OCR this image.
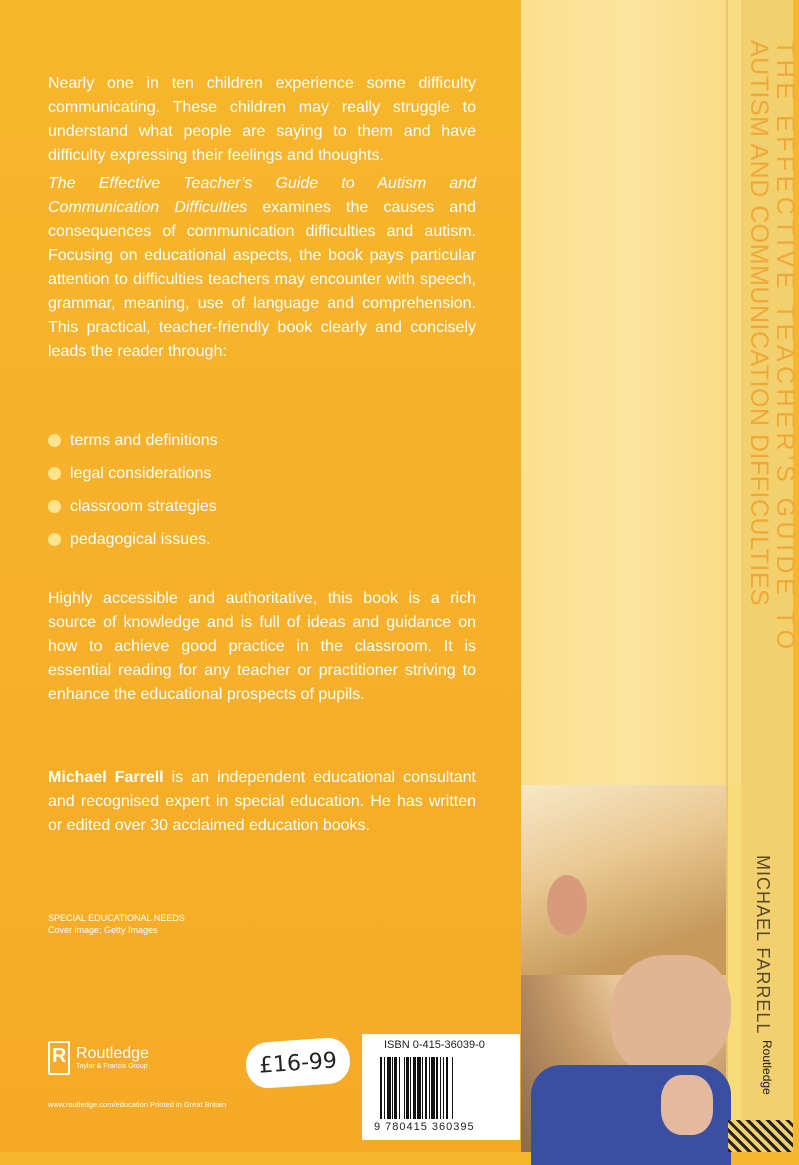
THE EFFECTIVE TEACHER’S GUIDE TO
AUTISM AND COMMUNICATION DIFFICULTIES
MICHAEL FARRELL
Routledge

Nearly one in ten children experience some difficulty communicating. These children may really struggle to understand what people are saying to them and have difficulty expressing their feelings and thoughts.

The Effective Teacher’s Guide to Autism and Communication Difficulties examines the causes and consequences of communication difficulties and autism. Focusing on educational aspects, the book pays particular attention to difficulties teachers may encounter with speech, grammar, meaning, use of language and comprehension. This practical, teacher-friendly book clearly and concisely leads the reader through:

terms and definitions
legal considerations
classroom strategies
pedagogical issues.

Highly accessible and authoritative, this book is a rich source of knowledge and is full of ideas and guidance on how to achieve good practice in the classroom. It is essential reading for any teacher or practitioner striving to enhance the educational prospects of pupils.

Michael Farrell is an independent educational consultant and recognised expert in special education. He has written or edited over 30 acclaimed education books.

SPECIAL EDUCATIONAL NEEDS
Cover image: Getty Images
R Routledge
Taylor & Francis Group
www.routledge.com/education Printed in Great Britain
£16-99
ISBN 0-415-36039-0
9 780415 360395
